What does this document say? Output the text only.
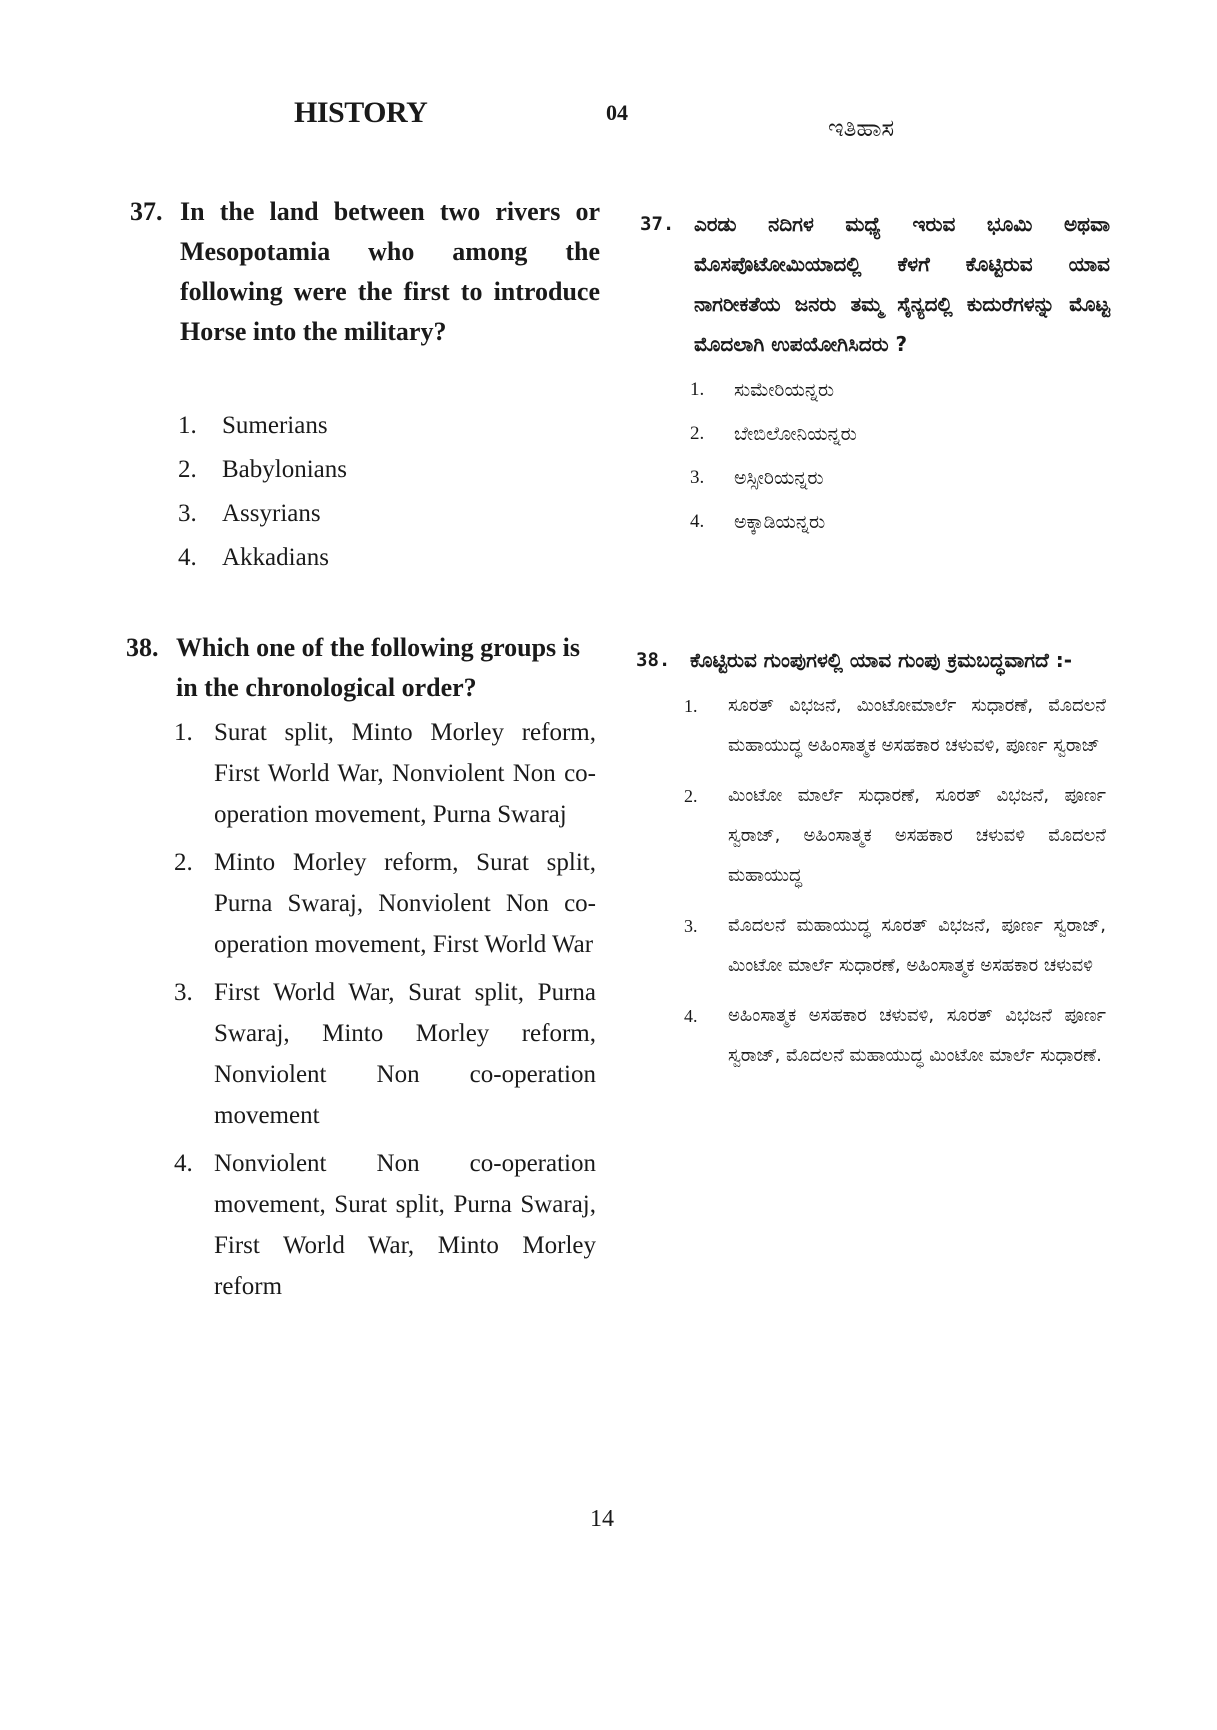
HISTORY	04
ಇತಿಹಾಸ
37. In the land between two rivers or Mesopotamia who among the following were the first to introduce Horse into the military?
1.	Sumerians
2.	Babylonians
3.	Assyrians
4.	Akkadians
37. ಎರಡು ನದಿಗಳ ಮಧ್ಯೆ ಇರುವ ಭೂಮಿ ಅಥವಾ ಮೊಸಪೊಟೋಮಿಯಾದಲ್ಲಿ ಕೆಳಗೆ ಕೊಟ್ಟಿರುವ ಯಾವ ನಾಗರೀಕತೆಯ ಜನರು ತಮ್ಮ ಸೈನ್ಯದಲ್ಲಿ ಕುದುರೆಗಳನ್ನು ಮೊಟ್ಟ ಮೊದಲಾಗಿ ಉಪಯೋಗಿಸಿದರು ?
1.	ಸುಮೇರಿಯನ್ನರು
2.	ಬೇಬಿಲೋನಿಯನ್ನರು
3.	ಅಸ್ಸೀರಿಯನ್ನರು
4.	ಅಕ್ಕಾಡಿಯನ್ನರು
38. Which one of the following groups is in the chronological order?
1. Surat split, Minto Morley reform, First World War, Nonviolent Non co-operation movement, Purna Swaraj
2. Minto Morley reform, Surat split, Purna Swaraj, Nonviolent Non co-operation movement, First World War
3. First World War, Surat split, Purna Swaraj, Minto Morley reform, Nonviolent Non co-operation movement
4. Nonviolent Non co-operation movement, Surat split, Purna Swaraj, First World War, Minto Morley reform
38. ಕೊಟ್ಟಿರುವ ಗುಂಪುಗಳಲ್ಲಿ ಯಾವ ಗುಂಪು ಕ್ರಮಬದ್ಧವಾಗದೆ :-
1.	ಸೂರತ್ ವಿಭಜನೆ, ಮಿಂಟೋಮಾರ್ಲೆ ಸುಧಾರಣೆ, ಮೊದಲನೆ ಮಹಾಯುದ್ಧ ಅಹಿಂಸಾತ್ಮಕ ಅಸಹಕಾರ ಚಳುವಳಿ, ಪೂರ್ಣ ಸ್ವರಾಜ್
2.	ಮಿಂಟೋ ಮಾರ್ಲೆ ಸುಧಾರಣೆ, ಸೂರತ್ ವಿಭಜನೆ, ಪೂರ್ಣ ಸ್ವರಾಜ್, ಅಹಿಂಸಾತ್ಮಕ ಅಸಹಕಾರ ಚಳುವಳಿ ಮೊದಲನೆ ಮಹಾಯುದ್ಧ
3.	ಮೊದಲನೆ ಮಹಾಯುದ್ಧ ಸೂರತ್ ವಿಭಜನೆ, ಪೂರ್ಣ ಸ್ವರಾಜ್, ಮಿಂಟೋ ಮಾರ್ಲೆ ಸುಧಾರಣೆ, ಅಹಿಂಸಾತ್ಮಕ ಅಸಹಕಾರ ಚಳುವಳಿ
4.	ಅಹಿಂಸಾತ್ಮಕ ಅಸಹಕಾರ ಚಳುವಳಿ, ಸೂರತ್ ವಿಭಜನೆ ಪೂರ್ಣ ಸ್ವರಾಜ್, ಮೊದಲನೆ ಮಹಾಯುದ್ಧ ಮಿಂಟೋ ಮಾರ್ಲೆ ಸುಧಾರಣೆ.
14
